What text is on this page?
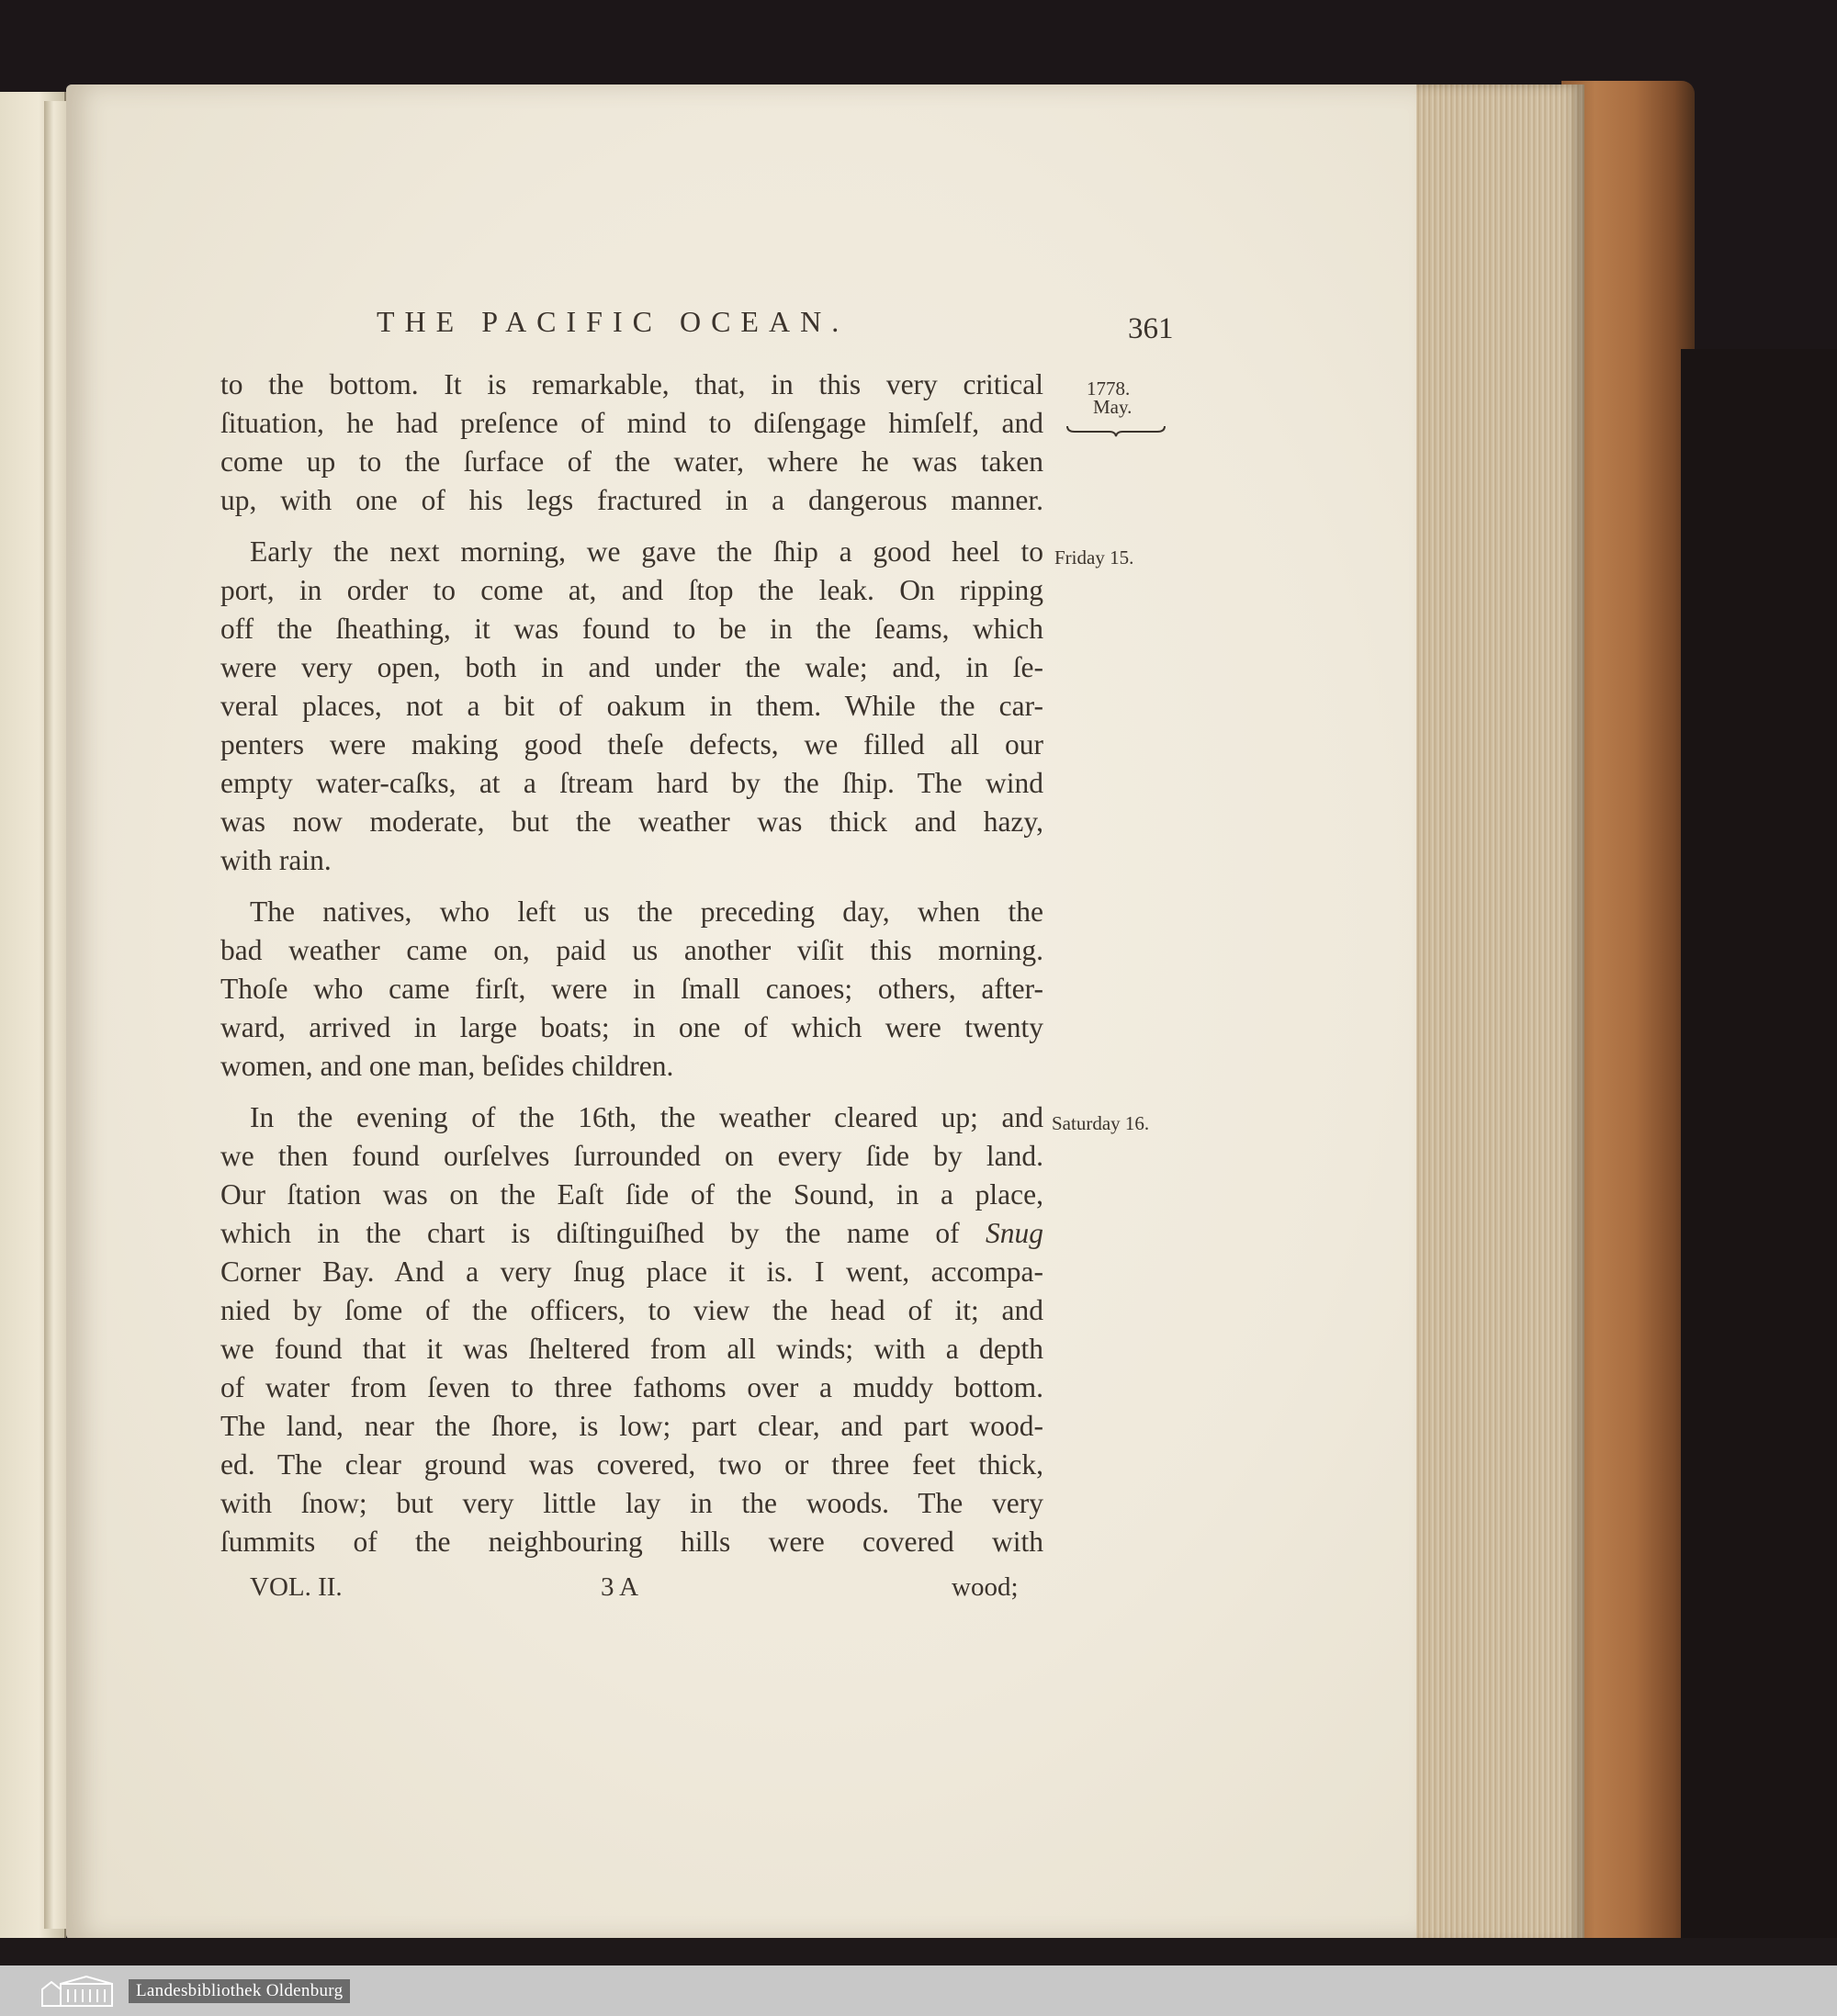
THE PACIFIC OCEAN.	361
1778.
May.
Friday 15.
Saturday 16.
to the bottom. It is remarkable, that, in this very critical
ſituation, he had preſence of mind to diſengage himſelf, and
come up to the ſurface of the water, where he was taken
up, with one of his legs fractured in a dangerous manner.
Early the next morning, we gave the ſhip a good heel to
port, in order to come at, and ſtop the leak. On ripping
off the ſheathing, it was found to be in the ſeams, which
were very open, both in and under the wale; and, in ſe-
veral places, not a bit of oakum in them. While the car-
penters were making good theſe defects, we filled all our
empty water-caſks, at a ſtream hard by the ſhip. The wind
was now moderate, but the weather was thick and hazy,
with rain.
The natives, who left us the preceding day, when the
bad weather came on, paid us another viſit this morning.
Thoſe who came firſt, were in ſmall canoes; others, after-
ward, arrived in large boats; in one of which were twenty
women, and one man, beſides children.
In the evening of the 16th, the weather cleared up; and
we then found ourſelves ſurrounded on every ſide by land.
Our ſtation was on the Eaſt ſide of the Sound, in a place,
which in the chart is diſtinguiſhed by the name of Snug
Corner Bay. And a very ſnug place it is. I went, accompa-
nied by ſome of the officers, to view the head of it; and
we found that it was ſheltered from all winds; with a depth
of water from ſeven to three fathoms over a muddy bottom.
The land, near the ſhore, is low; part clear, and part wood-
ed. The clear ground was covered, two or three feet thick,
with ſnow; but very little lay in the woods. The very
ſummits of the neighbouring hills were covered with
VOL. II.	3 A	wood;
Landesbibliothek Oldenburg
